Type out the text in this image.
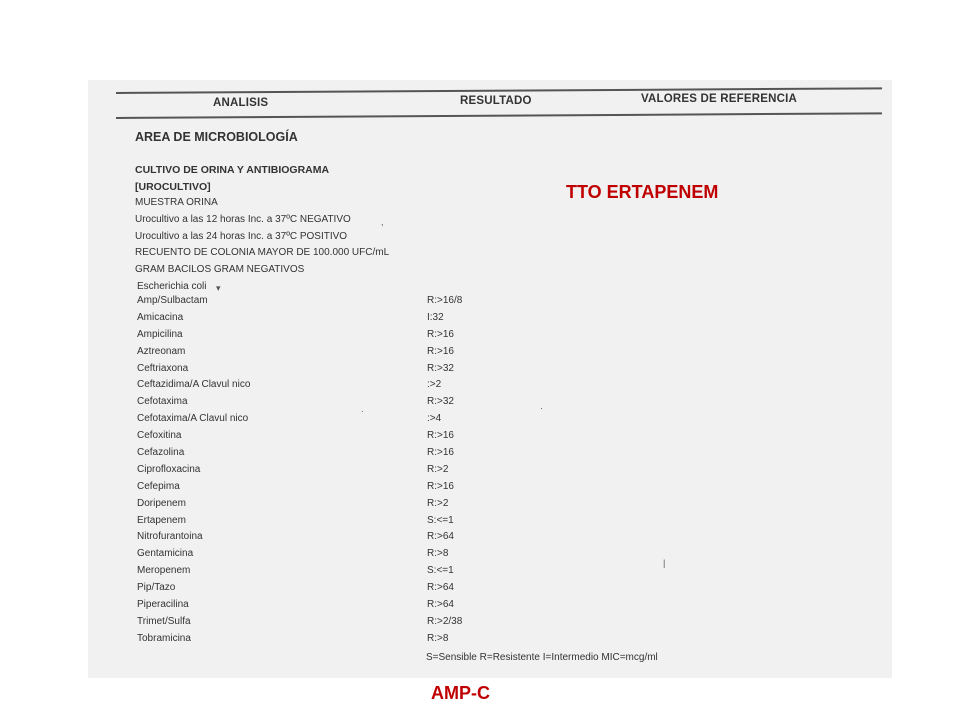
ANALISIS	RESULTADO	VALORES DE REFERENCIA
AREA DE MICROBIOLOGÍA
CULTIVO DE ORINA Y ANTIBIOGRAMA
[UROCULTIVO]
MUESTRA ORINA
Urocultivo a las 12 horas Inc. a 37ºC NEGATIVO
Urocultivo a las 24 horas Inc. a 37ºC POSITIVO
RECUENTO DE COLONIA MAYOR DE 100.000 UFC/mL
GRAM BACILOS GRAM NEGATIVOS
Escherichia coli
Amp/Sulbactam	R:>16/8
Amicacina	I:32
Ampicilina	R:>16
Aztreonam	R:>16
Ceftriaxona	R:>32
Ceftazidima/A Clavul nico	:>2
Cefotaxima	R:>32
Cefotaxima/A Clavul nico	:>4
Cefoxitina	R:>16
Cefazolina	R:>16
Ciprofloxacina	R:>2
Cefepima	R:>16
Doripenem	R:>2
Ertapenem	S:<=1
Nitrofurantoina	R:>64
Gentamicina	R:>8
Meropenem	S:<=1
Pip/Tazo	R:>64
Piperacilina	R:>64
Trimet/Sulfa	R:>2/38
Tobramicina	R:>8
S=Sensible R=Resistente I=Intermedio MIC=mcg/ml
,
▾
∙	·
|
TTO ERTAPENEM
AMP-C
